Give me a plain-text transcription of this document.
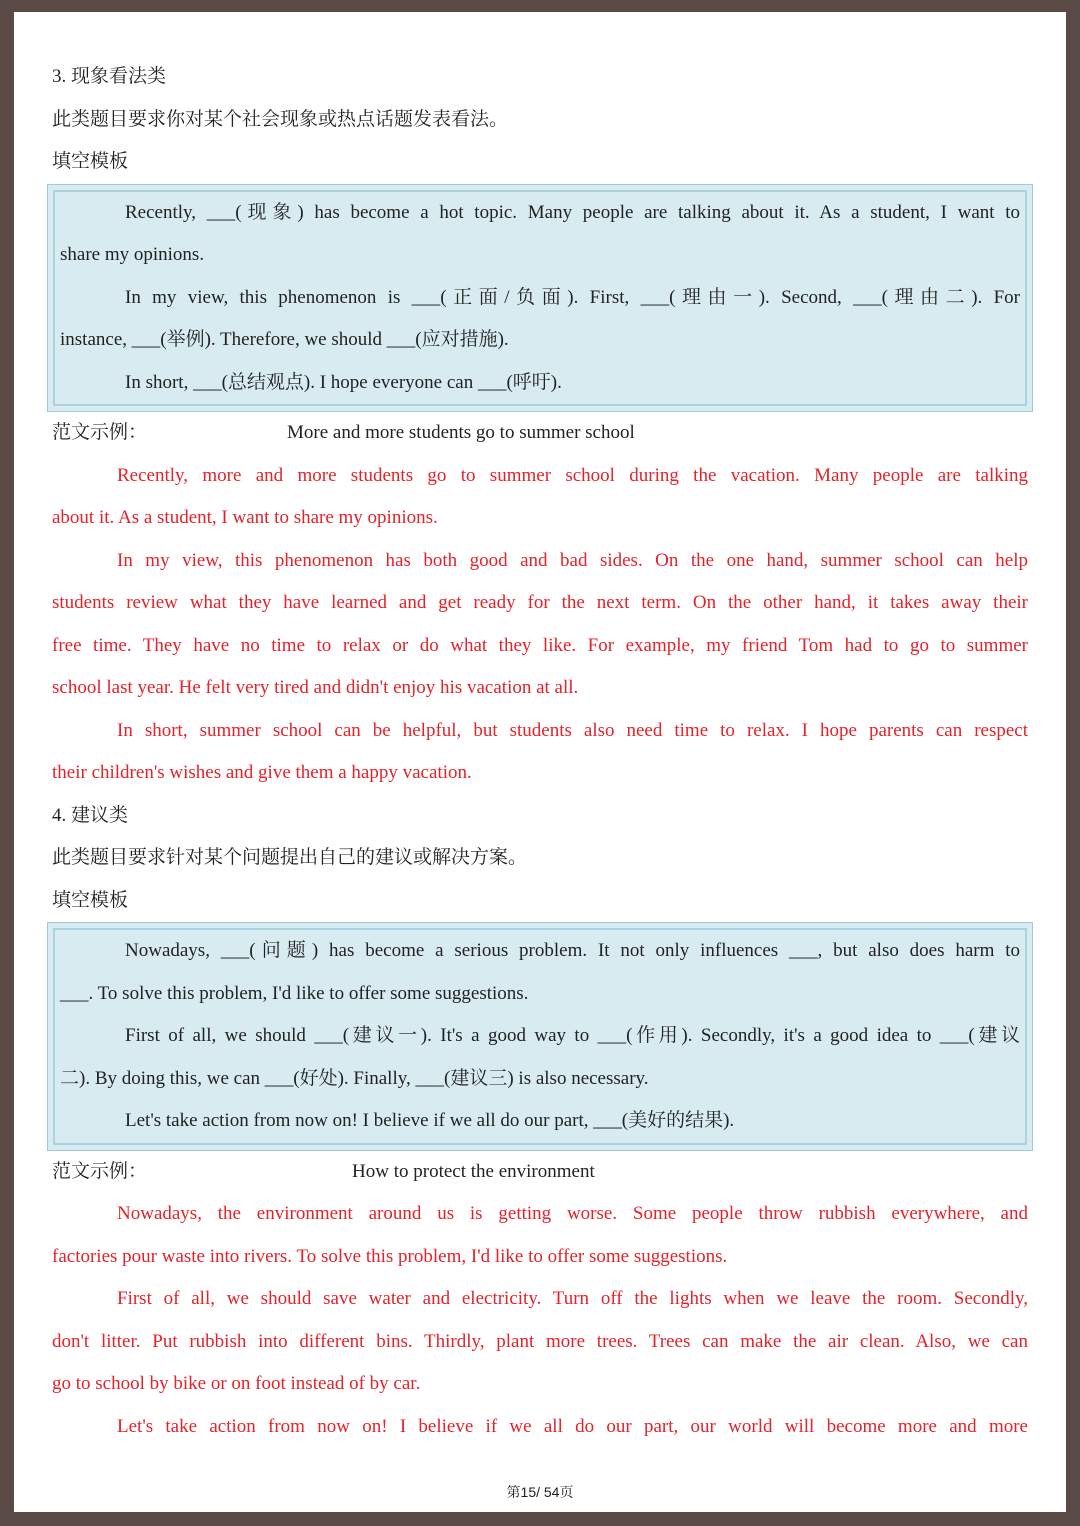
3. 现象看法类
此类题目要求你对某个社会现象或热点话题发表看法。
填空模板
Recently, ___(现象) has become a hot topic. Many people are talking about it. As a student, I want to
share my opinions.
In my view, this phenomenon is ___(正面/负面). First, ___(理由一). Second, ___(理由二). For
instance, ___(举例). Therefore, we should ___(应对措施).
In short, ___(总结观点). I hope everyone can ___(呼吁).
范文示例：	More and more students go to summer school
Recently, more and more students go to summer school during the vacation. Many people are talking
about it. As a student, I want to share my opinions.
In my view, this phenomenon has both good and bad sides. On the one hand, summer school can help
students review what they have learned and get ready for the next term. On the other hand, it takes away their
free time. They have no time to relax or do what they like. For example, my friend Tom had to go to summer
school last year. He felt very tired and didn't enjoy his vacation at all.
In short, summer school can be helpful, but students also need time to relax. I hope parents can respect
their children's wishes and give them a happy vacation.
4. 建议类
此类题目要求针对某个问题提出自己的建议或解决方案。
填空模板
Nowadays, ___(问题) has become a serious problem. It not only influences ___, but also does harm to
___. To solve this problem, I'd like to offer some suggestions.
First of all, we should ___(建议一). It's a good way to ___(作用). Secondly, it's a good idea to ___(建议
二). By doing this, we can ___(好处). Finally, ___(建议三) is also necessary.
Let's take action from now on! I believe if we all do our part, ___(美好的结果).
范文示例：	How to protect the environment
Nowadays, the environment around us is getting worse. Some people throw rubbish everywhere, and
factories pour waste into rivers. To solve this problem, I'd like to offer some suggestions.
First of all, we should save water and electricity. Turn off the lights when we leave the room. Secondly,
don't litter. Put rubbish into different bins. Thirdly, plant more trees. Trees can make the air clean. Also, we can
go to school by bike or on foot instead of by car.
Let's take action from now on! I believe if we all do our part, our world will become more and more
第15/ 54页
